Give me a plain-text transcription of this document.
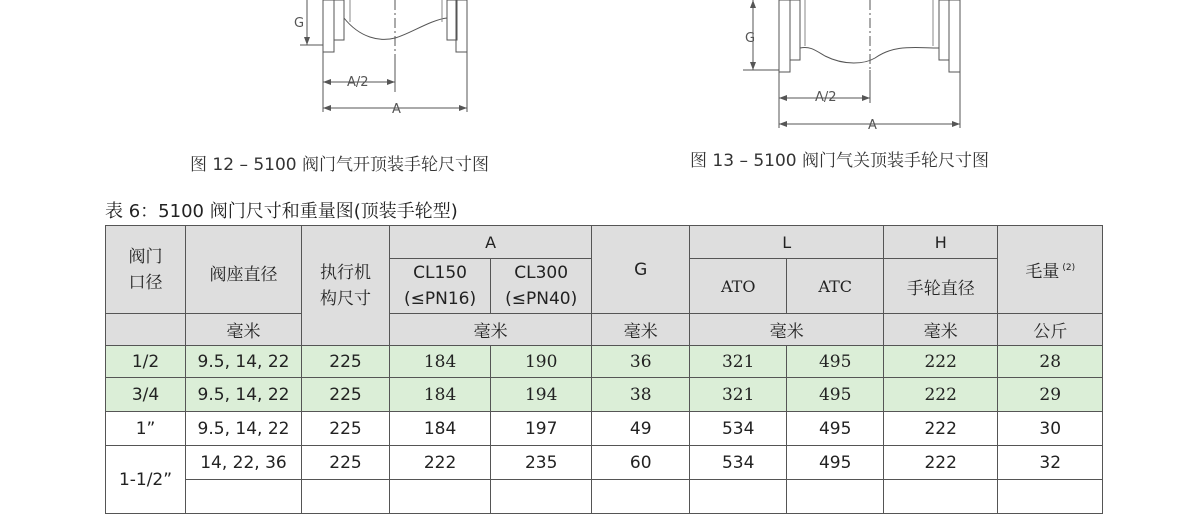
G
A/2
A
G
A/2
A
图 12 – 5100 阀门气开顶装手轮尺寸图	图 13 – 5100 阀门气关顶装手轮尺寸图
表 6：5100 阀门尺寸和重量图(顶装手轮型)
阀门口径	阀座直径	执行机构尺寸	A		G	L		H	毛量 $^{(2)}$
			CL150 (≤PN16)	CL300 (≤PN40)		ATO	ATC	手轮直径	
	毫米		毫米		毫米	毫米		毫米	公斤
1/2	9.5, 14, 22	225	184	190	36	321	495	222	28
3/4	9.5, 14, 22	225	184	194	38	321	495	222	29
1”	9.5, 14, 22	225	184	197	49	534	495	222	30
1-1/2”	14, 22, 36	225	222	235	60	534	495	222	32
